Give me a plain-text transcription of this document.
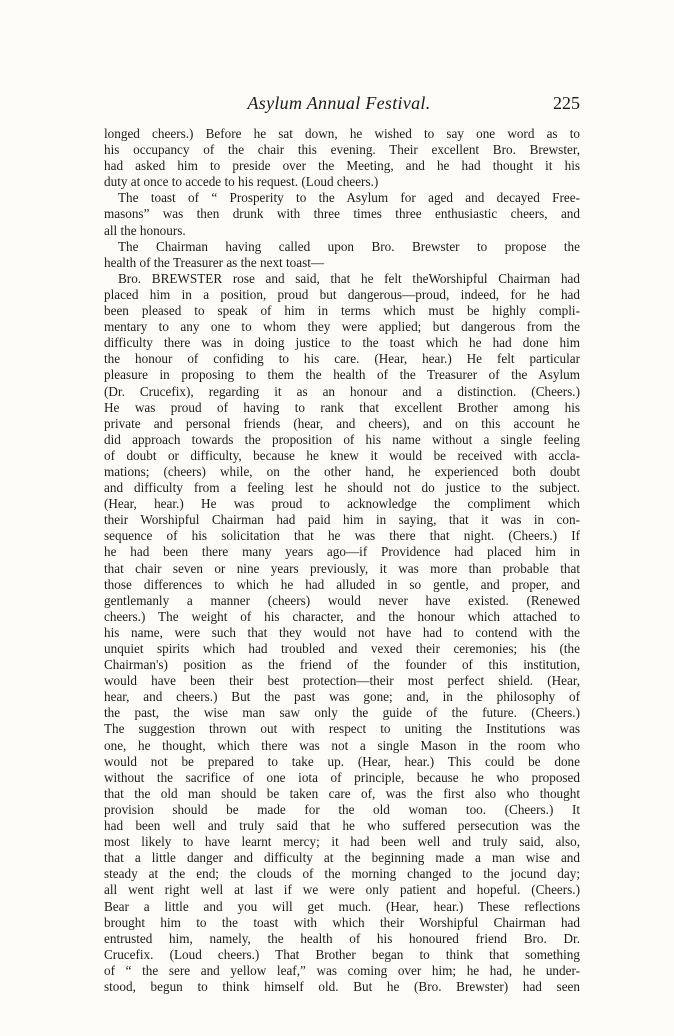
Asylum Annual Festival.	225
longed cheers.) Before he sat down, he wished to say one word as to
his occupancy of the chair this evening. Their excellent Bro. Brewster,
had asked him to preside over the Meeting, and he had thought it his
duty at once to accede to his request. (Loud cheers.)
The toast of “ Prosperity to the Asylum for aged and decayed Free-
masons” was then drunk with three times three enthusiastic cheers, and
all the honours.
The Chairman having called upon Bro. Brewster to propose the
health of the Treasurer as the next toast—
Bro. BREWSTER rose and said, that he felt theWorshipful Chairman had
placed him in a position, proud but dangerous—proud, indeed, for he had
been pleased to speak of him in terms which must be highly compli-
mentary to any one to whom they were applied; but dangerous from the
difficulty there was in doing justice to the toast which he had done him
the honour of confiding to his care. (Hear, hear.) He felt particular
pleasure in proposing to them the health of the Treasurer of the Asylum
(Dr. Crucefix), regarding it as an honour and a distinction. (Cheers.)
He was proud of having to rank that excellent Brother among his
private and personal friends (hear, and cheers), and on this account he
did approach towards the proposition of his name without a single feeling
of doubt or difficulty, because he knew it would be received with accla-
mations; (cheers) while, on the other hand, he experienced both doubt
and difficulty from a feeling lest he should not do justice to the subject.
(Hear, hear.) He was proud to acknowledge the compliment which
their Worshipful Chairman had paid him in saying, that it was in con-
sequence of his solicitation that he was there that night. (Cheers.) If
he had been there many years ago—if Providence had placed him in
that chair seven or nine years previously, it was more than probable that
those differences to which he had alluded in so gentle, and proper, and
gentlemanly a manner (cheers) would never have existed. (Renewed
cheers.) The weight of his character, and the honour which attached to
his name, were such that they would not have had to contend with the
unquiet spirits which had troubled and vexed their ceremonies; his (the
Chairman's) position as the friend of the founder of this institution,
would have been their best protection—their most perfect shield. (Hear,
hear, and cheers.) But the past was gone; and, in the philosophy of
the past, the wise man saw only the guide of the future. (Cheers.)
The suggestion thrown out with respect to uniting the Institutions was
one, he thought, which there was not a single Mason in the room who
would not be prepared to take up. (Hear, hear.) This could be done
without the sacrifice of one iota of principle, because he who proposed
that the old man should be taken care of, was the first also who thought
provision should be made for the old woman too. (Cheers.) It
had been well and truly said that he who suffered persecution was the
most likely to have learnt mercy; it had been well and truly said, also,
that a little danger and difficulty at the beginning made a man wise and
steady at the end; the clouds of the morning changed to the jocund day;
all went right well at last if we were only patient and hopeful. (Cheers.)
Bear a little and you will get much. (Hear, hear.) These reflections
brought him to the toast with which their Worshipful Chairman had
entrusted him, namely, the health of his honoured friend Bro. Dr.
Crucefix. (Loud cheers.) That Brother began to think that something
of “ the sere and yellow leaf,” was coming over him; he had, he under-
stood, begun to think himself old. But he (Bro. Brewster) had seen
